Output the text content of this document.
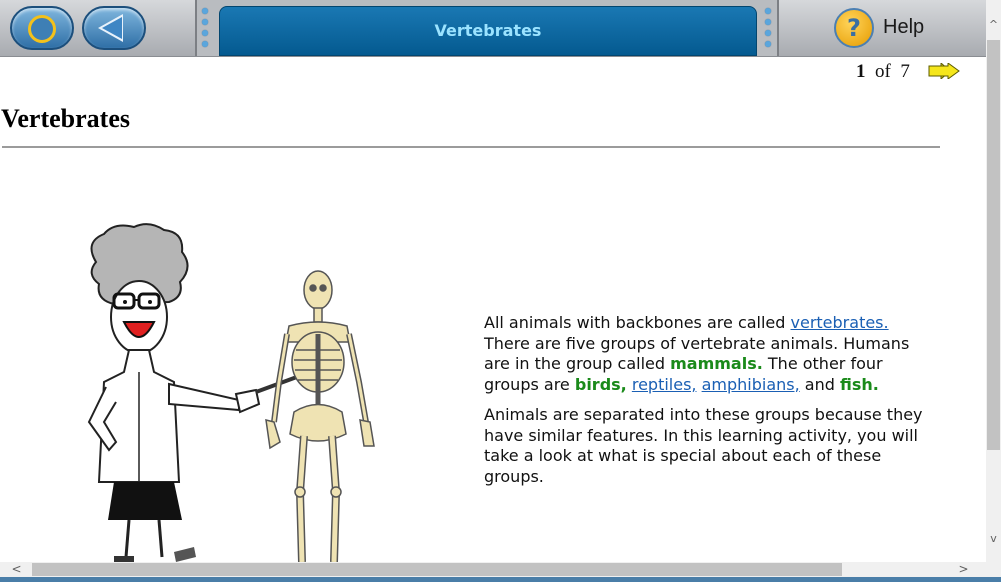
Vertebrates	?	Help
1 of 7
Vertebrates

All animals with backbones are called vertebrates. There are five groups of vertebrate animals. Humans are in the group called mammals. The other four groups are birds, reptiles, amphibians, and fish.

Animals are separated into these groups because they have similar features. In this learning activity, you will take a look at what is special about each of these groups.

^
v
<	>
